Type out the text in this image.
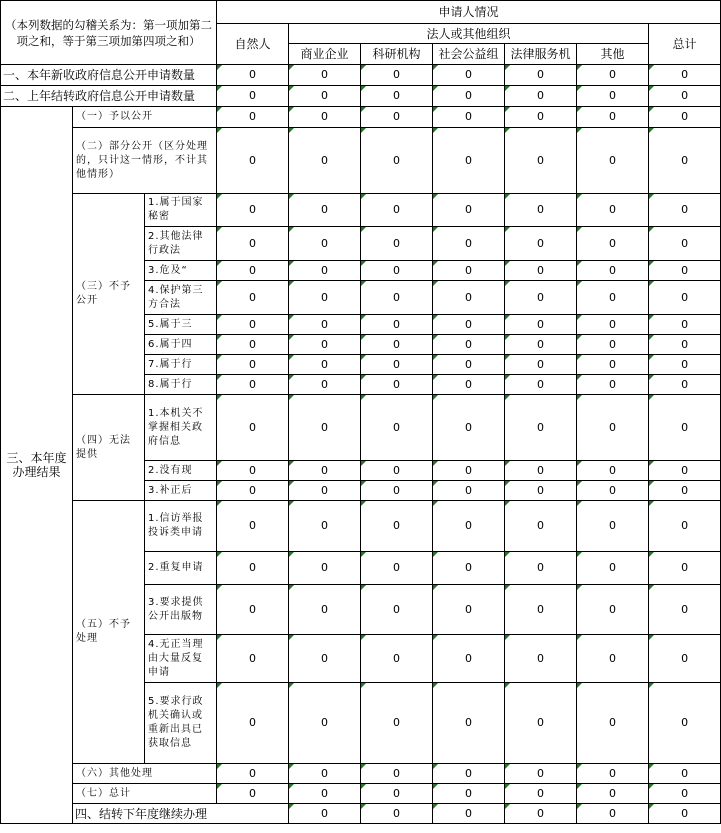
（本列数据的勾稽关系为：第一项加第二项之和，等于第三项加第四项之和）			申请人情况							
			自然人	法人或其他组织					总计	
				商业企业	科研机构	社会公益组	法律服务机	其他		
一、本年新收政府信息公开申请数量			0	0	0	0	0	0	0	
二、上年结转政府信息公开申请数量			0	0	0	0	0	0	0	
三、本年度办理结果	（一）予以公开		0	0	0	0	0	0	0	
	（二）部分公开（区分处理的，只计这一情形，不计其他情形）		0	0	0	0	0	0	0	
	（三）不予公开	1.属于国家秘密	0	0	0	0	0	0	0	
		2.其他法律行政法	0	0	0	0	0	0	0	
		3.危及“	0	0	0	0	0	0	0	
		4.保护第三方合法	0	0	0	0	0	0	0	
		5.属于三	0	0	0	0	0	0	0	
		6.属于四	0	0	0	0	0	0	0	
		7.属于行	0	0	0	0	0	0	0	
		8.属于行	0	0	0	0	0	0	0	
	（四）无法提供	1.本机关不掌握相关政府信息	0	0	0	0	0	0	0	
		2.没有现	0	0	0	0	0	0	0	
		3.补正后	0	0	0	0	0	0	0	
	（五）不予处理	1.信访举报投诉类申请	0	0	0	0	0	0	0	
		2.重复申请	0	0	0	0	0	0	0	
		3.要求提供公开出版物	0	0	0	0	0	0	0	
		4.无正当理由大量反复申请	0	0	0	0	0	0	0	
		5.要求行政机关确认或重新出具已获取信息	0	0	0	0	0	0	0	
	（六）其他处理		0	0	0	0	0	0	0	
	（七）总计		0	0	0	0	0	0	0	
	四、结转下年度继续办理			0	0	0	0	0	0	
